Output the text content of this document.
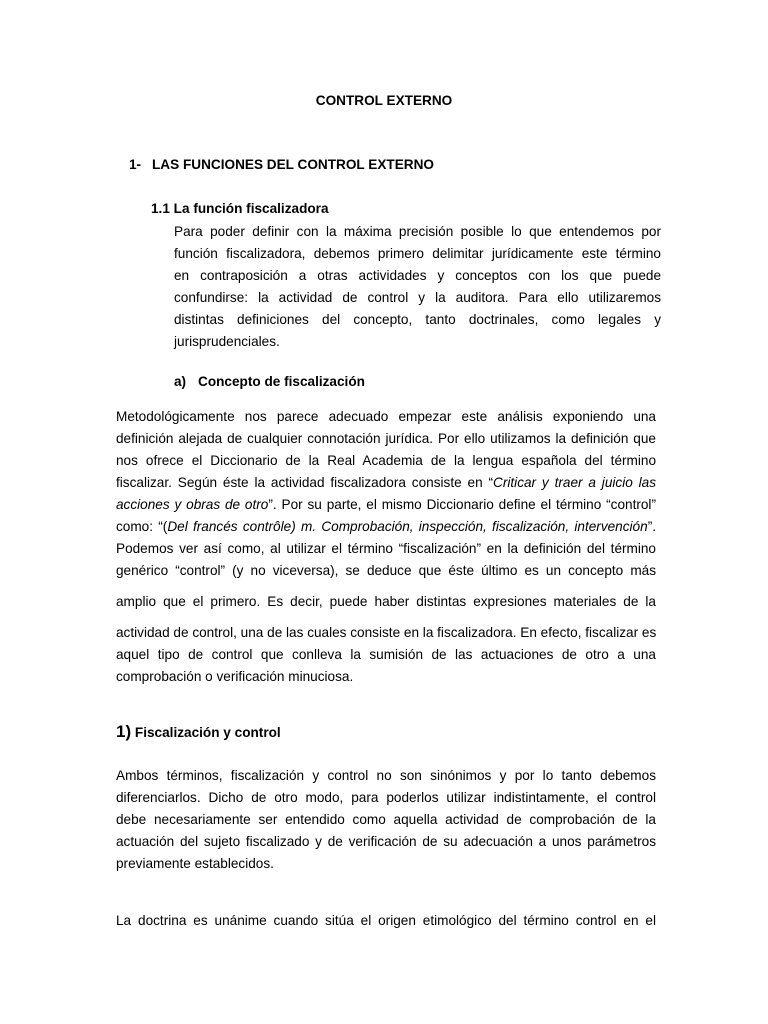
CONTROL EXTERNO
1- LAS FUNCIONES DEL CONTROL EXTERNO
1.1 La función fiscalizadora
Para poder definir con la máxima precisión posible lo que entendemos por
función fiscalizadora, debemos primero delimitar jurídicamente este término
en contraposición a otras actividades y conceptos con los que puede
confundirse: la actividad de control y la auditora. Para ello utilizaremos
distintas definiciones del concepto, tanto doctrinales, como legales y
jurisprudenciales.
a) Concepto de fiscalización
Metodológicamente nos parece adecuado empezar este análisis exponiendo una
definición alejada de cualquier connotación jurídica. Por ello utilizamos la definición que
nos ofrece el Diccionario de la Real Academia de la lengua española del término
fiscalizar. Según éste la actividad fiscalizadora consiste en “Criticar y traer a juicio las
acciones y obras de otro”. Por su parte, el mismo Diccionario define el término “control”
como: “(Del francés contrôle) m. Comprobación, inspección, fiscalización, intervención”.
Podemos ver así como, al utilizar el término “fiscalización” en la definición del término
genérico “control” (y no viceversa), se deduce que éste último es un concepto más
amplio que el primero. Es decir, puede haber distintas expresiones materiales de la
actividad de control, una de las cuales consiste en la fiscalizadora. En efecto, fiscalizar es
aquel tipo de control que conlleva la sumisión de las actuaciones de otro a una
comprobación o verificación minuciosa.
1) Fiscalización y control
Ambos términos, fiscalización y control no son sinónimos y por lo tanto debemos
diferenciarlos. Dicho de otro modo, para poderlos utilizar indistintamente, el control
debe necesariamente ser entendido como aquella actividad de comprobación de la
actuación del sujeto fiscalizado y de verificación de su adecuación a unos parámetros
previamente establecidos.
La doctrina es unánime cuando sitúa el origen etimológico del término control en el
